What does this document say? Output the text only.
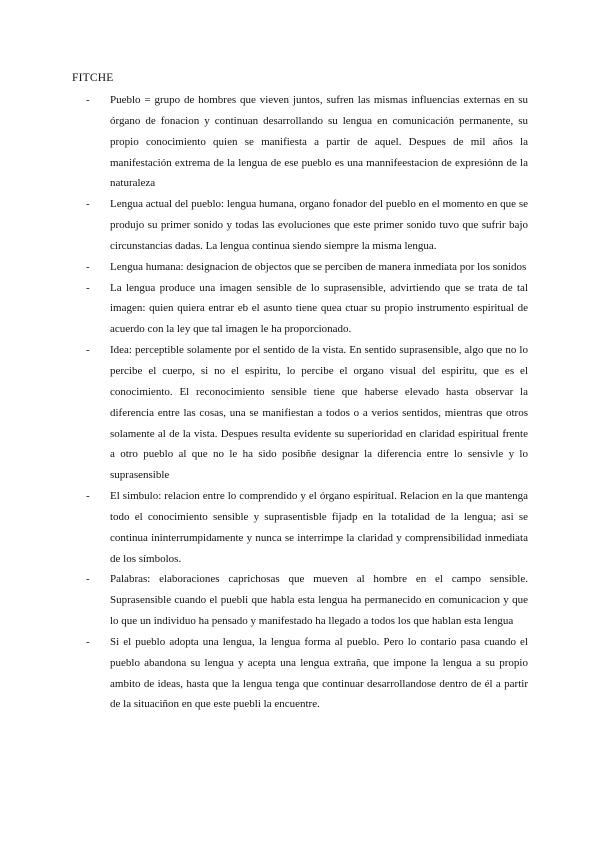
FITCHE
-	Pueblo = grupo de hombres que vieven juntos, sufren las mismas influencias externas en su órgano de fonacion y continuan desarrollando su lengua en comunicación permanente, su propio conocimiento quien se manifiesta a partir de aquel. Despues de mil años la manifestación extrema de la lengua de ese pueblo es una mannifeestacion de expresiónn de la naturaleza
-	Lengua actual del pueblo: lengua humana, organo fonador del pueblo en el momento en que se produjo su primer sonido y todas las evoluciones que este primer sonido tuvo que sufrir bajo circunstancias dadas. La lengua continua siendo siempre la misma lengua.
-	Lengua humana: designacion de objectos que se perciben de manera inmediata por los sonidos
-	La lengua produce una imagen sensible de lo suprasensible, advirtiendo que se trata de tal imagen: quien quiera entrar eb el asunto tiene quea ctuar su propio instrumento espiritual de acuerdo con la ley que tal imagen le ha proporcionado.
-	Idea: perceptible solamente por el sentido de la vista. En sentido suprasensible, algo que no lo percibe el cuerpo, si no el espiritu, lo percibe el organo visual del espiritu, que es el conocimiento. El reconocimiento sensible tiene que haberse elevado hasta observar la diferencia entre las cosas, una se manifiestan a todos o a verios sentidos, mientras que otros solamente al de la vista. Despues resulta evidente su superioridad en claridad espiritual frente a otro pueblo al que no le ha sido posibñe designar la diferencia entre lo sensivle y lo suprasensible
-	El simbulo: relacion entre lo comprendido y el órgano espiritual. Relacion en la que mantenga todo el conocimiento sensible y suprasentisble fijadp en la totalidad de la lengua; asi se continua ininterrumpidamente y nunca se interrimpe la claridad y comprensibilidad inmediata de los símbolos.
-	Palabras: elaboraciones caprichosas que mueven al hombre en el campo sensible. Suprasensible cuando el puebli que habla esta lengua ha permanecido en comunicacion y que lo que un individuo ha pensado y manifestado ha llegado a todos los que hablan esta lengua
-	Si el pueblo adopta una lengua, la lengua forma al pueblo. Pero lo contario pasa cuando el pueblo abandona su lengua y acepta una lengua extraña, que impone la lengua a su propio ambito de ideas, hasta que la lengua tenga que continuar desarrollandose dentro de él a partir de la situaciñon en que este puebli la encuentre.
